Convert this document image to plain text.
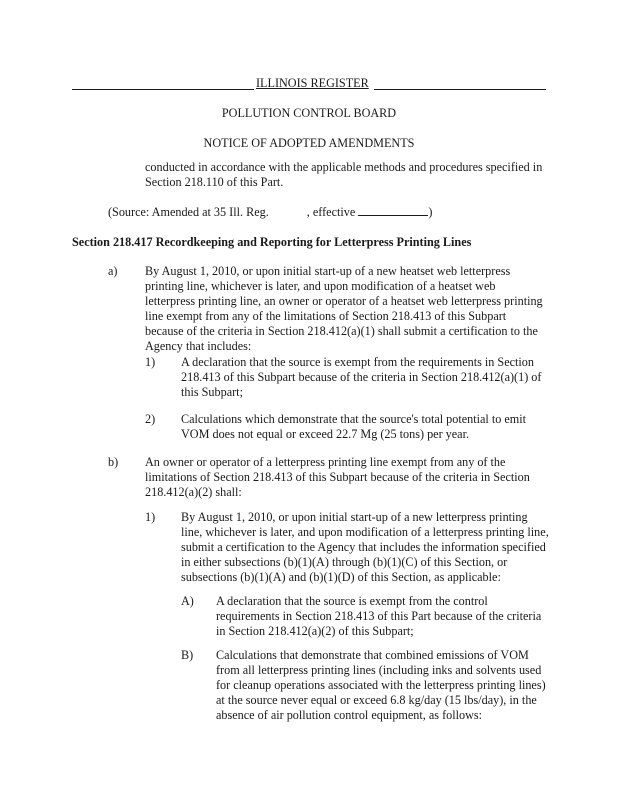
ILLINOIS REGISTER
POLLUTION CONTROL BOARD
NOTICE OF ADOPTED AMENDMENTS
conducted in accordance with the applicable methods and procedures specified in Section 218.110 of this Part.
(Source: Amended at 35 Ill. Reg.	, effective	)
Section 218.417 Recordkeeping and Reporting for Letterpress Printing Lines
a) By August 1, 2010, or upon initial start-up of a new heatset web letterpress printing line, whichever is later, and upon modification of a heatset web letterpress printing line, an owner or operator of a heatset web letterpress printing line exempt from any of the limitations of Section 218.413 of this Subpart because of the criteria in Section 218.412(a)(1) shall submit a certification to the Agency that includes:
1) A declaration that the source is exempt from the requirements in Section 218.413 of this Subpart because of the criteria in Section 218.412(a)(1) of this Subpart;
2) Calculations which demonstrate that the source's total potential to emit VOM does not equal or exceed 22.7 Mg (25 tons) per year.
b) An owner or operator of a letterpress printing line exempt from any of the limitations of Section 218.413 of this Subpart because of the criteria in Section 218.412(a)(2) shall:
1) By August 1, 2010, or upon initial start-up of a new letterpress printing line, whichever is later, and upon modification of a letterpress printing line, submit a certification to the Agency that includes the information specified in either subsections (b)(1)(A) through (b)(1)(C) of this Section, or subsections (b)(1)(A) and (b)(1)(D) of this Section, as applicable:
A) A declaration that the source is exempt from the control requirements in Section 218.413 of this Part because of the criteria in Section 218.412(a)(2) of this Subpart;
B) Calculations that demonstrate that combined emissions of VOM from all letterpress printing lines (including inks and solvents used for cleanup operations associated with the letterpress printing lines) at the source never equal or exceed 6.8 kg/day (15 lbs/day), in the absence of air pollution control equipment, as follows:
